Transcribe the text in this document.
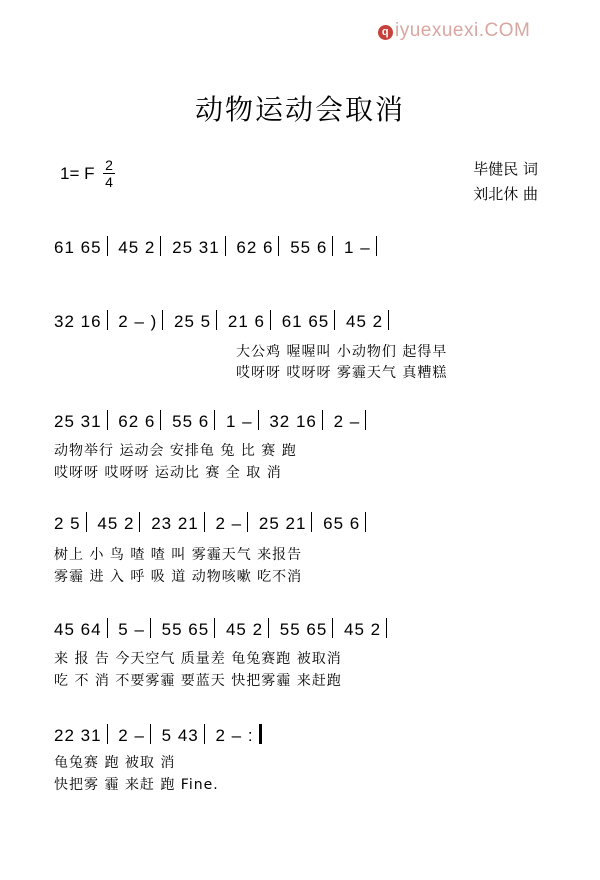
q iyuexuexi.COM
动物运动会取消
1= F 2
4
毕健民 词
刘北休 曲
61 65 45 2 25 31 62 6 55 6 1 –
32 16 2 – ) 25 5 21 6 61 65 45 2
大公鸡 喔喔叫 小动物们 起得早
哎呀呀 哎呀呀 雾霾天气 真糟糕
25 31 62 6 55 6 1 – 32 16 2 –
动物举行 运动会 安排龟 兔 比 赛 跑
哎呀呀 哎呀呀 运动比 赛 全 取 消
2 5 45 2 23 21 2 – 25 21 65 6
树上 小 鸟 喳 喳 叫 雾霾天气 来报告
雾霾 进 入 呼 吸 道 动物咳嗽 吃不消
45 64 5 – 55 65 45 2 55 65 45 2
来 报 告 今天空气 质量差 龟兔赛跑 被取消
吃 不 消 不要雾霾 要蓝天 快把雾霾 来赶跑
22 31 2 – 5 43 2 – :
龟兔赛 跑 被取 消
快把雾 霾 来赶 跑 Fine.
